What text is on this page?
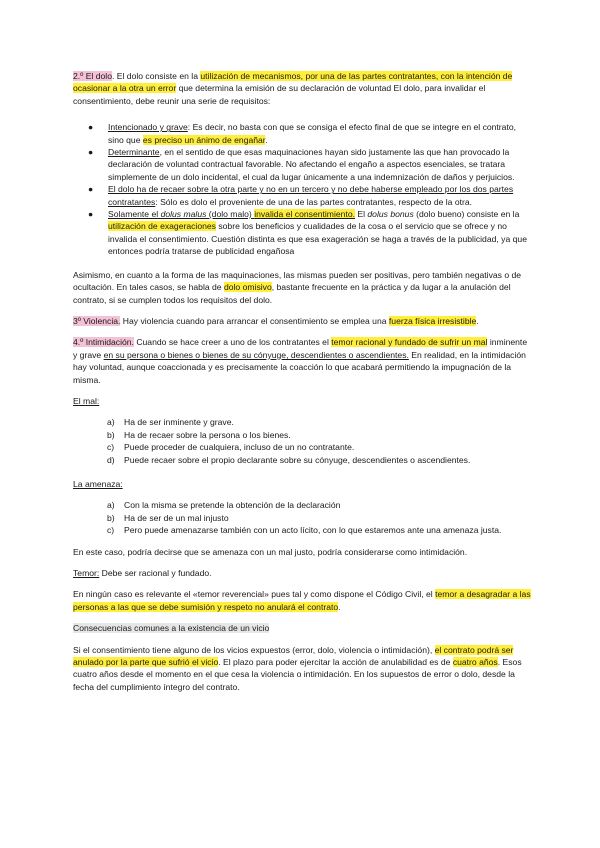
2.º El dolo. El dolo consiste en la utilización de mecanismos, por una de las partes contratantes, con la intención de ocasionar a la otra un error que determina la emisión de su declaración de voluntad El dolo, para invalidar el consentimiento, debe reunir una serie de requisitos:

● Intencionado y grave: Es decir, no basta con que se consiga el efecto final de que se integre en el contrato, sino que es preciso un ánimo de engañar.
● Determinante, en el sentido de que esas maquinaciones hayan sido justamente las que han provocado la declaración de voluntad contractual favorable. No afectando el engaño a aspectos esenciales, se tratara simplemente de un dolo incidental, el cual da lugar únicamente a una indemnización de daños y perjuicios.
● El dolo ha de recaer sobre la otra parte y no en un tercero y no debe haberse empleado por los dos partes contratantes: Sólo es dolo el proveniente de una de las partes contratantes, respecto de la otra.
● Solamente el dolus malus (dolo malo) invalida el consentimiento. El dolus bonus (dolo bueno) consiste en la utilización de exageraciones sobre los beneficios y cualidades de la cosa o el servicio que se ofrece y no invalida el consentimiento. Cuestión distinta es que esa exageración se haga a través de la publicidad, ya que entonces podría tratarse de publicidad engañosa

Asimismo, en cuanto a la forma de las maquinaciones, las mismas pueden ser positivas, pero también negativas o de ocultación. En tales casos, se habla de dolo omisivo, bastante frecuente en la práctica y da lugar a la anulación del contrato, si se cumplen todos los requisitos del dolo.

3º Violencia. Hay violencia cuando para arrancar el consentimiento se emplea una fuerza física irresistible.

4.º Intimidación. Cuando se hace creer a uno de los contratantes el temor racional y fundado de sufrir un mal inminente y grave en su persona o bienes o bienes de su cónyuge, descendientes o ascendientes. En realidad, en la intimidación hay voluntad, aunque coaccionada y es precisamente la coacción lo que acabará permitiendo la impugnación de la misma.

El mal:

a) Ha de ser inminente y grave.
b) Ha de recaer sobre la persona o los bienes.
c) Puede proceder de cualquiera, incluso de un no contratante.
d) Puede recaer sobre el propio declarante sobre su cónyuge, descendientes o ascendientes.

La amenaza:

a) Con la misma se pretende la obtención de la declaración
b) Ha de ser de un mal injusto
c) Pero puede amenazarse también con un acto lícito, con lo que estaremos ante una amenaza justa.

En este caso, podría decirse que se amenaza con un mal justo, podría considerarse como intimidación.

Temor: Debe ser racional y fundado.

En ningún caso es relevante el «temor reverencial» pues tal y como dispone el Código Civil, el temor a desagradar a las personas a las que se debe sumisión y respeto no anulará el contrato.

Consecuencias comunes a la existencia de un vicio

Si el consentimiento tiene alguno de los vicios expuestos (error, dolo, violencia o intimidación), el contrato podrá ser anulado por la parte que sufrió el vicio. El plazo para poder ejercitar la acción de anulabilidad es de cuatro años. Esos cuatro años desde el momento en el que cesa la violencia o intimidación. En los supuestos de error o dolo, desde la fecha del cumplimiento íntegro del contrato.
